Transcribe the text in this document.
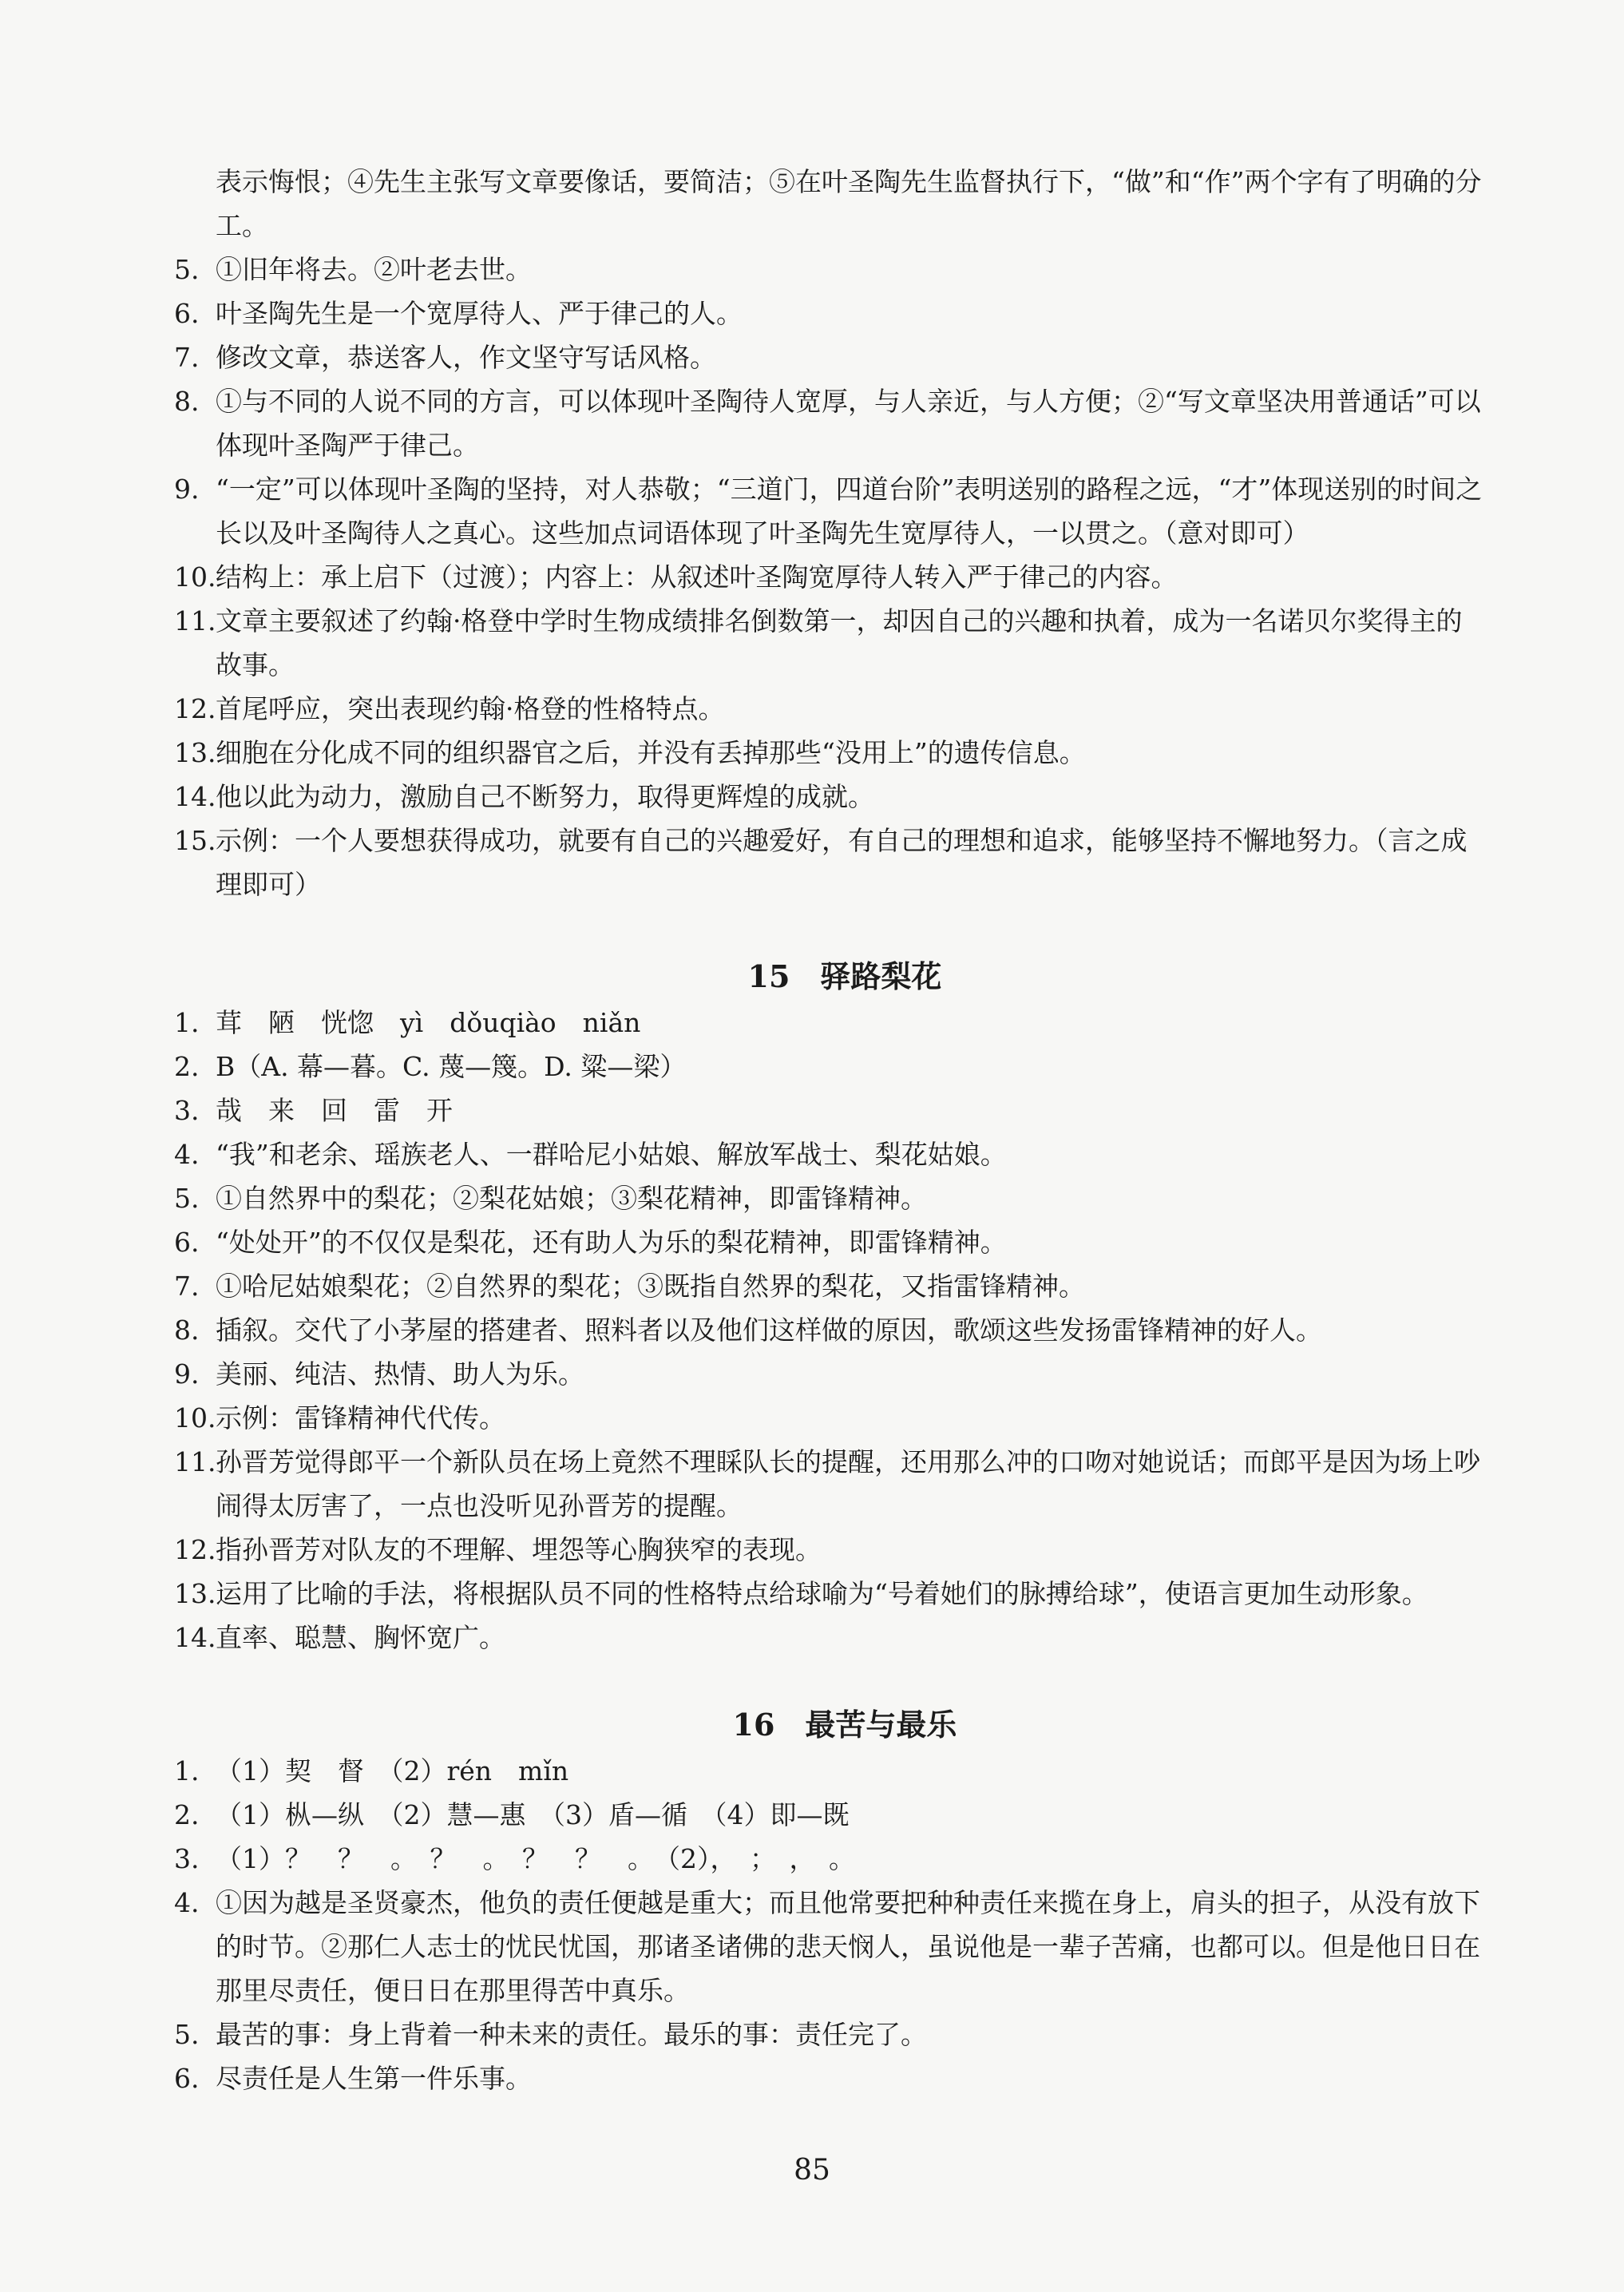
表示悔恨；④先生主张写文章要像话，要简洁；⑤在叶圣陶先生监督执行下，“做”和“作”两个字有了明确的分工。

5. ①旧年将去。②叶老去世。

6. 叶圣陶先生是一个宽厚待人、严于律己的人。

7. 修改文章，恭送客人，作文坚守写话风格。

8. ①与不同的人说不同的方言，可以体现叶圣陶待人宽厚，与人亲近，与人方便；②“写文章坚决用普通话”可以体现叶圣陶严于律己。

9. “一定”可以体现叶圣陶的坚持，对人恭敬；“三道门，四道台阶”表明送别的路程之远，“才”体现送别的时间之长以及叶圣陶待人之真心。这些加点词语体现了叶圣陶先生宽厚待人，一以贯之。（意对即可）

10.结构上：承上启下（过渡）；内容上：从叙述叶圣陶宽厚待人转入严于律己的内容。

11.文章主要叙述了约翰·格登中学时生物成绩排名倒数第一，却因自己的兴趣和执着，成为一名诺贝尔奖得主的故事。

12.首尾呼应，突出表现约翰·格登的性格特点。

13.细胞在分化成不同的组织器官之后，并没有丢掉那些“没用上”的遗传信息。

14.他以此为动力，激励自己不断努力，取得更辉煌的成就。

15.示例：一个人要想获得成功，就要有自己的兴趣爱好，有自己的理想和追求，能够坚持不懈地努力。（言之成理即可）

15　驿路梨花

1. 茸　陋　恍惚　yì　dǒuqiào　niǎn

2. B（A. 幕—暮。C. 蔑—篾。D. 粱—梁）

3. 哉　来　回　雷　开

4. “我”和老余、瑶族老人、一群哈尼小姑娘、解放军战士、梨花姑娘。

5. ①自然界中的梨花；②梨花姑娘；③梨花精神，即雷锋精神。

6. “处处开”的不仅仅是梨花，还有助人为乐的梨花精神，即雷锋精神。

7. ①哈尼姑娘梨花；②自然界的梨花；③既指自然界的梨花，又指雷锋精神。

8. 插叙。交代了小茅屋的搭建者、照料者以及他们这样做的原因，歌颂这些发扬雷锋精神的好人。

9. 美丽、纯洁、热情、助人为乐。

10.示例：雷锋精神代代传。

11.孙晋芳觉得郎平一个新队员在场上竟然不理睬队长的提醒，还用那么冲的口吻对她说话；而郎平是因为场上吵闹得太厉害了，一点也没听见孙晋芳的提醒。

12.指孙晋芳对队友的不理解、埋怨等心胸狭窄的表现。

13.运用了比喻的手法，将根据队员不同的性格特点给球喻为“号着她们的脉搏给球”，使语言更加生动形象。

14.直率、聪慧、胸怀宽广。

16　最苦与最乐

1. （1）契　督　（2）rén　mǐn

2. （1）枞—纵　（2）慧—惠　（3）盾—循　（4）即—既

3. （1）？　？　。　？　。　？　？　。　（2），　；　，　。

4. ①因为越是圣贤豪杰，他负的责任便越是重大；而且他常要把种种责任来揽在身上，肩头的担子，从没有放下的时节。②那仁人志士的忧民忧国，那诸圣诸佛的悲天悯人，虽说他是一辈子苦痛，也都可以。但是他日日在那里尽责任，便日日在那里得苦中真乐。

5. 最苦的事：身上背着一种未来的责任。最乐的事：责任完了。

6. 尽责任是人生第一件乐事。

85
